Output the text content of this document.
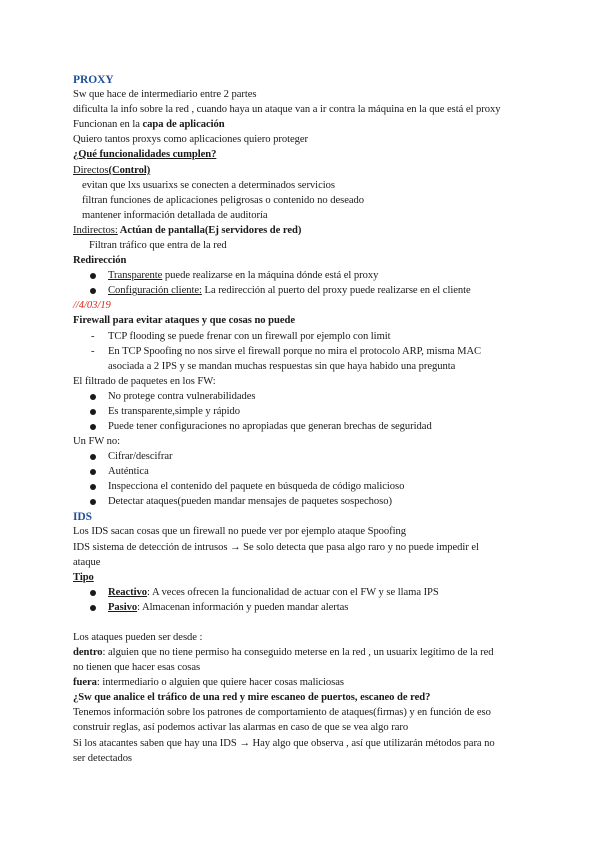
PROXY
Sw que hace de intermediario entre 2 partes
dificulta la info sobre la red , cuando haya un ataque van a ir contra la máquina en la que está el proxy
Funcionan en la capa de aplicación
Quiero tantos proxys como aplicaciones quiero proteger
¿Qué funcionalidades cumplen?
Directos(Control)
evitan que lxs usuarixs se conecten a determinados servicios
filtran funciones de aplicaciones peligrosas o contenido no deseado
mantener información detallada de auditoría
Indirectos: Actúan de pantalla(Ej servidores de red)
Filtran tráfico que entra de la red
Redirección
Transparente puede realizarse en la máquina dónde está el proxy
Configuración cliente: La redirección al puerto del proxy puede realizarse en el cliente
//4/03/19
Firewall para evitar ataques y que cosas no puede
- TCP flooding se puede frenar con un firewall por ejemplo con limit
- En TCP Spoofing no nos sirve el firewall porque no mira el protocolo ARP, misma MAC
asociada a 2 IPS y se mandan muchas respuestas sin que haya habido una pregunta
El filtrado de paquetes en los FW:
No protege contra vulnerabilidades
Es transparente,simple y rápido
Puede tener configuraciones no apropiadas que generan brechas de seguridad
Un FW no:
Cifrar/descifrar
Auténtica
Inspecciona el contenido del paquete en búsqueda de código malicioso
Detectar ataques(pueden mandar mensajes de paquetes sospechoso)
IDS
Los IDS sacan cosas que un firewall no puede ver por ejemplo ataque Spoofing
IDS sistema de detección de intrusos → Se solo detecta que pasa algo raro y no puede impedir el
ataque
Tipo
Reactivo: A veces ofrecen la funcionalidad de actuar con el FW y se llama IPS
Pasivo: Almacenan información y pueden mandar alertas
Los ataques pueden ser desde :
dentro: alguien que no tiene permiso ha conseguido meterse en la red , un usuarix legítimo de la red
no tienen que hacer esas cosas
fuera: intermediario o alguien que quiere hacer cosas maliciosas
¿Sw que analice el tráfico de una red y mire escaneo de puertos, escaneo de red?
Tenemos información sobre los patrones de comportamiento de ataques(firmas) y en función de eso
construir reglas, así podemos activar las alarmas en caso de que se vea algo raro
Si los atacantes saben que hay una IDS → Hay algo que observa , así que utilizarán métodos para no
ser detectados
